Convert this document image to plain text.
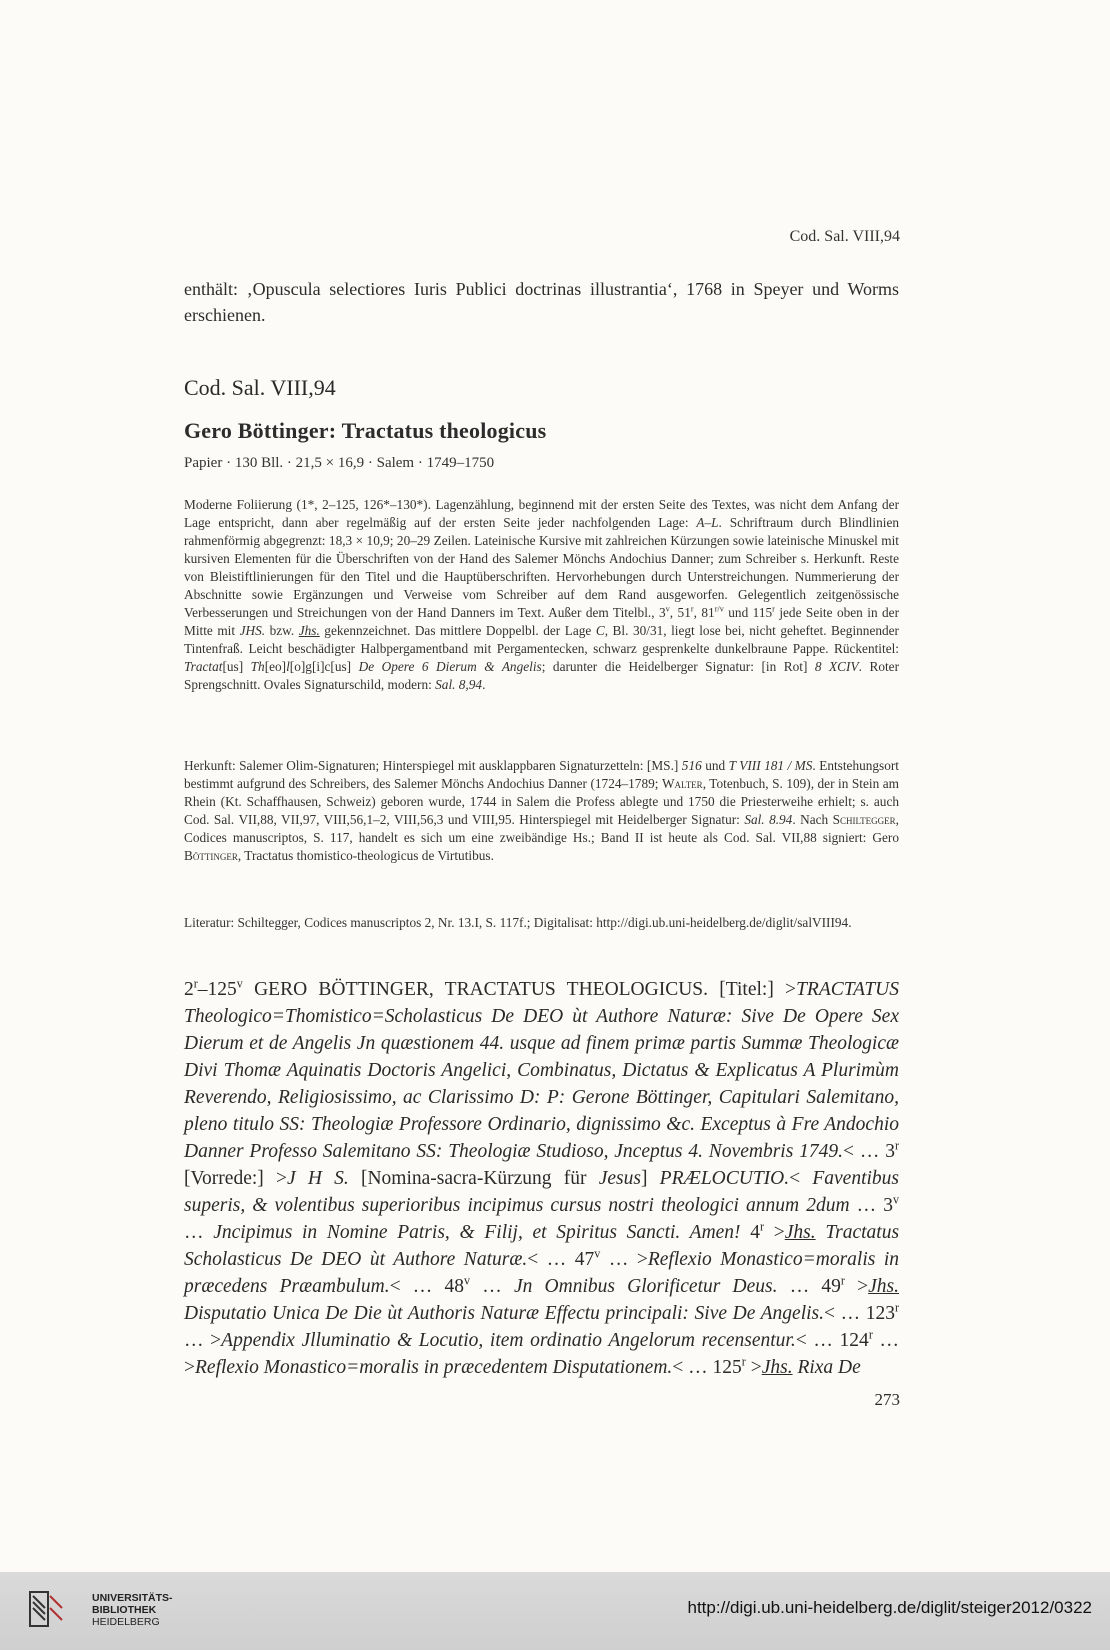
Cod. Sal. VIII,94
enthält: ‚Opuscula selectiores Iuris Publici doctrinas illustrantia‘, 1768 in Speyer und Worms erschienen.
Cod. Sal. VIII,94
Gero Böttinger: Tractatus theologicus
Papier · 130 Bll. · 21,5 × 16,9 · Salem · 1749–1750
Moderne Foliierung (1*, 2–125, 126*–130*). Lagenzählung, beginnend mit der ersten Seite des Textes, was nicht dem Anfang der Lage entspricht, dann aber regelmäßig auf der ersten Seite jeder nachfolgenden Lage: A–L. Schriftraum durch Blindlinien rahmenförmig abgegrenzt: 18,3 × 10,9; 20–29 Zeilen. Lateinische Kursive mit zahlreichen Kürzungen sowie lateinische Minuskel mit kursiven Elementen für die Überschriften von der Hand des Salemer Mönchs Andochius Danner; zum Schreiber s. Herkunft. Reste von Bleistiftlinierungen für den Titel und die Hauptüberschriften. Hervorhebungen durch Unterstreichungen. Nummerierung der Abschnitte sowie Ergänzungen und Verweise vom Schreiber auf dem Rand ausgeworfen. Gelegentlich zeitgenössische Verbesserungen und Streichungen von der Hand Danners im Text. Außer dem Titelbl., 3$^v$, 51$^r$, $81^{r/v}$ und 115$^r$ jede Seite oben in der Mitte mit JHS. bzw. Jhs. gekennzeichnet. Das mittlere Doppelbl. der Lage C, Bl. 30/31, liegt lose bei, nicht geheftet. Beginnender Tintenfraß. Leicht beschädigter Halbpergamentband mit Pergamentecken, schwarz gesprenkelte dunkelbraune Pappe. Rückentitel: Tractat[us] Th[eo]l[o]g[i]c[us] De Opere 6 Dierum & Angelis; darunter die Heidelberger Signatur: [in Rot] 8 XCIV. Roter Sprengschnitt. Ovales Signaturschild, modern: Sal. 8,94.
Herkunft: Salemer Olim-Signaturen; Hinterspiegel mit ausklappbaren Signaturzetteln: [MS.] 516 und T VIII 181 / MS. Entstehungsort bestimmt aufgrund des Schreibers, des Salemer Mönchs Andochius Danner (1724–1789; Walter, Totenbuch, S. 109), der in Stein am Rhein (Kt. Schaffhausen, Schweiz) geboren wurde, 1744 in Salem die Profess ablegte und 1750 die Priesterweihe erhielt; s. auch Cod. Sal. VII,88, VII,97, VIII,56,1–2, VIII,56,3 und VIII,95. Hinterspiegel mit Heidelberger Signatur: Sal. 8.94. Nach Schiltegger, Codices manuscriptos, S. 117, handelt es sich um eine zweibändige Hs.; Band II ist heute als Cod. Sal. VII,88 signiert: Gero Böttinger, Tractatus thomistico-theologicus de Virtutibus.
Literatur: Schiltegger, Codices manuscriptos 2, Nr. 13.I, S. 117f.; Digitalisat: http://digi.ub.uni-heidelberg.de/diglit/salVIII94.
2$^r$–125$^v$ GERO BÖTTINGER, TRACTATUS THEOLOGICUS. [Titel:] >TRACTATUS Theologico=Thomistico=Scholasticus De DEO ùt Authore Naturæ: Sive De Opere Sex Dierum et de Angelis Jn quæstionem 44. usque ad finem primæ partis Summæ Theologicæ Divi Thomæ Aquinatis Doctoris Angelici, Combinatus, Dictatus & Explicatus A Plurimùm Reverendo, Religiosissimo, ac Clarissimo D: P: Gerone Böttinger, Capitulari Salemitano, pleno titulo SS: Theologiæ Professore Ordinario, dignissimo &c. Exceptus à Fre Andochio Danner Professo Salemitano SS: Theologiæ Studioso, Jnceptus 4. Novembris 1749.< … 3$^r$ [Vorrede:] >J H S. [Nomina-sacra-Kürzung für Jesus] PRÆLOCUTIO.< Faventibus superis, & volentibus superioribus incipimus cursus nostri theologici annum 2dum … 3$^v$ … Jncipimus in Nomine Patris, & Filij, et Spiritus Sancti. Amen! $4^r >Jhs$. Tractatus Scholasticus De DEO ùt Authore Naturæ.< … 47$^v$ … >Reflexio Monastico=moralis in præcedens Præambulum.< … 48$^v$ … Jn Omnibus Glorificetur Deus. … $49^r >Jhs$. Disputatio Unica De Die ùt Authoris Naturæ Effectu principali: Sive De Angelis.< … 123$^r$ … >Appendix Jlluminatio & Locutio, item ordinatio Angelorum recensentur.< … 124$^r$ … >Reflexio Monastico=moralis in præcedentem Disputationem.< … $125^r >Jhs$. Rixa De
273
UNIVERSITÄTS-
BIBLIOTHEK
HEIDELBERG
http://digi.ub.uni-heidelberg.de/diglit/steiger2012/0322
